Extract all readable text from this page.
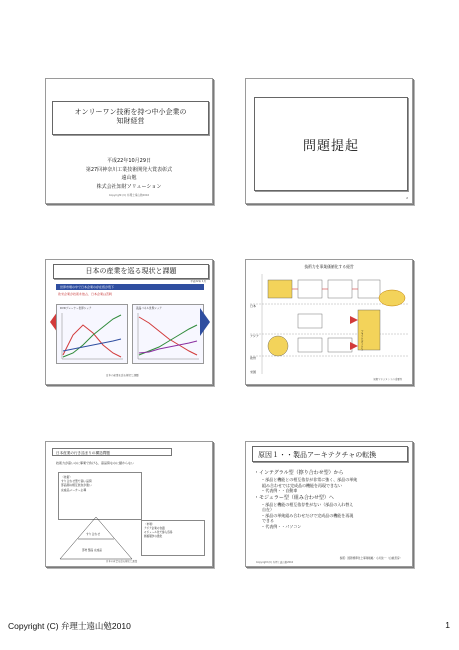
オンリーワン技術を持つ中小企業の
知財経営
平成22年10月29日
第27回神奈川工業技術開発大賞表彰式
遠山勉
株式会社知財ソリューション
Copyright (C) 弁理士遠山勉2010
問題提起
2
日本の産業を巡る現状と課題
平成22年 1月
世界市場の中で日本企業の存在感が低下
欧米企業が技術を独占、日本企業は苦戦
DVDプレーヤー世界シェア	液晶パネル世界シェア
日本の産業を巡る現状と課題
技術力を事業価値化する経営
日本
アジア
欧州
米国
ブラックボックス
知財マネジメントの重要性
日本産業の行き詰まりの構造問題
技術力が高いのに事業で負ける、高品質なのに儲からない
〈技術〉
すり合わせ型で高い品質
部品間の相互依存が強い
完成品メーカー主導
すり合わせ
部材 製品 完成品
〈市場〉
アジア企業の台頭
モジュール化で参入容易
価格競争の激化
日本の産業を巡る現状と課題
原因１・・製品アーキテクチャの転換
・インテグラル型（擦り合わせ型）から
– 部品と機能との相互依存が非常に強く、部品の単純
組み合わせでは完成品の機能を再現できない
– 代表例・・自動車
・モジュラー型（組み合わせ型）へ
– 部品と機能の相互依存性がない（部品の入れ替え
自在）
– 部品の単純組み合わせだけで完成品の機能を再現
できる
– 代表例・・パソコン
参照：国際標準化と事業戦略・小川紘一（白桃書房）
Copyright (C) 弁理士遠山勉2010
Copyright (C) 弁理士遠山勉2010	1
